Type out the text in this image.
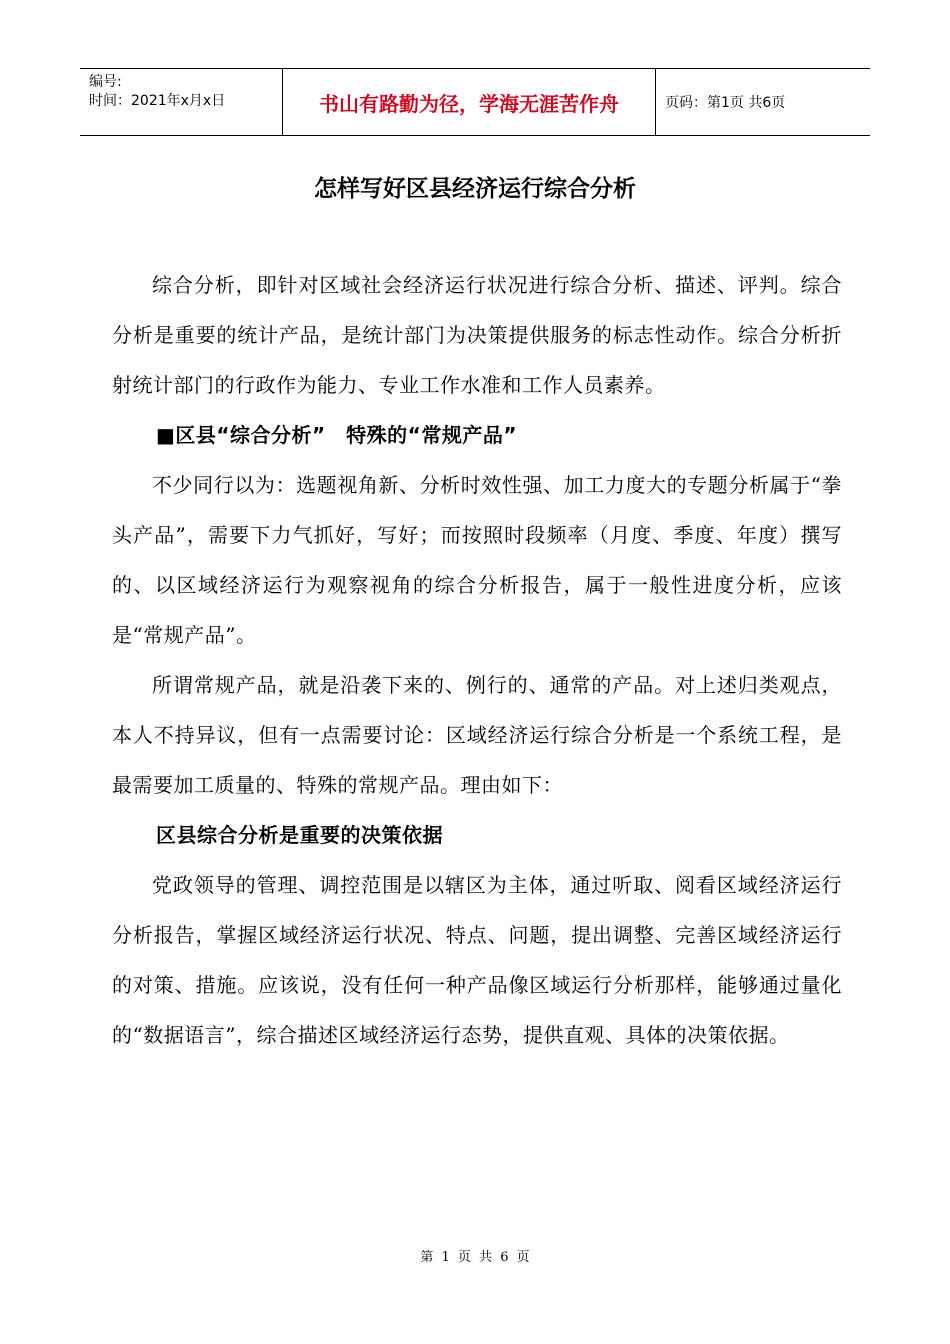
编号:
时间：2021年x月x日	书山有路勤为径，学海无涯苦作舟	页码：第1页 共6页
怎样写好区县经济运行综合分析

综合分析，即针对区域社会经济运行状况进行综合分析、描述、评判。综合分析是重要的统计产品，是统计部门为决策提供服务的标志性动作。综合分析折射统计部门的行政作为能力、专业工作水准和工作人员素养。

■区县“综合分析”　特殊的“常规产品”

不少同行以为：选题视角新、分析时效性强、加工力度大的专题分析属于“拳头产品”，需要下力气抓好，写好；而按照时段频率（月度、季度、年度）撰写的、以区域经济运行为观察视角的综合分析报告，属于一般性进度分析，应该是“常规产品”。

所谓常规产品，就是沿袭下来的、例行的、通常的产品。对上述归类观点，本人不持异议，但有一点需要讨论：区域经济运行综合分析是一个系统工程，是最需要加工质量的、特殊的常规产品。理由如下：

区县综合分析是重要的决策依据

党政领导的管理、调控范围是以辖区为主体，通过听取、阅看区域经济运行分析报告，掌握区域经济运行状况、特点、问题，提出调整、完善区域经济运行的对策、措施。应该说，没有任何一种产品像区域运行分析那样，能够通过量化的“数据语言”，综合描述区域经济运行态势，提供直观、具体的决策依据。

第 1 页 共 6 页
